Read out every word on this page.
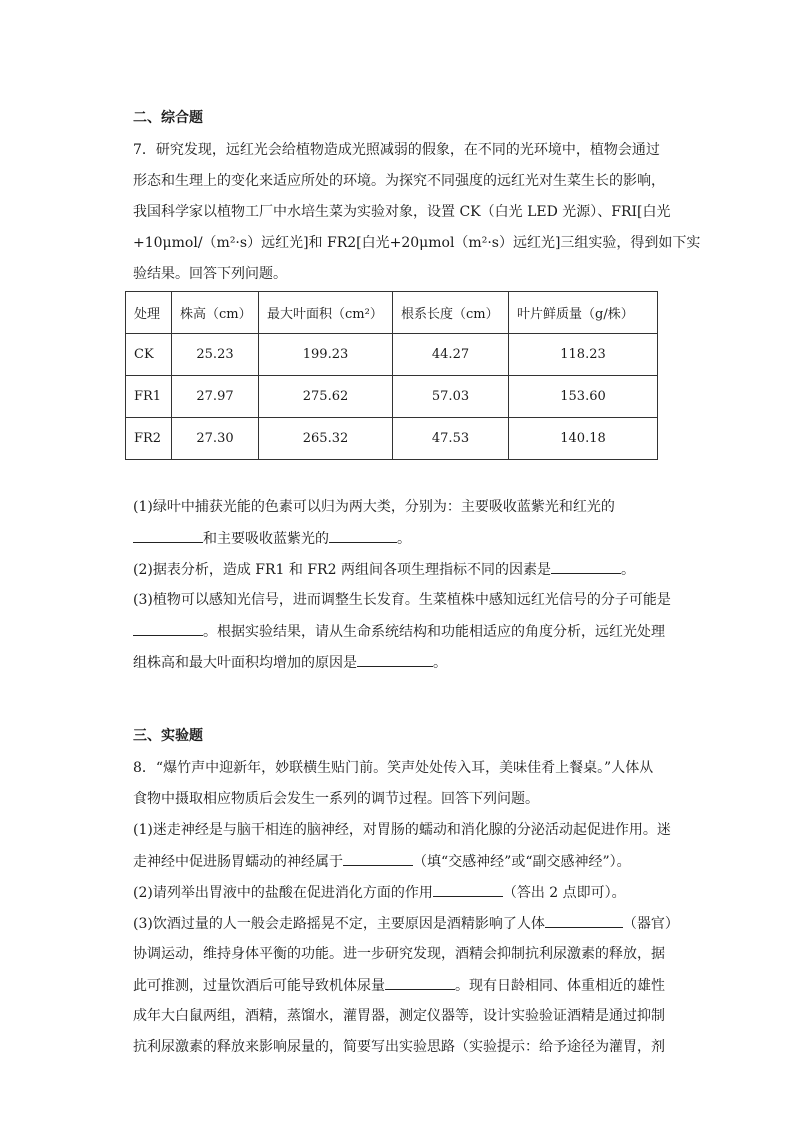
二、综合题
7．研究发现，远红光会给植物造成光照减弱的假象，在不同的光环境中，植物会通过
形态和生理上的变化来适应所处的环境。为探究不同强度的远红光对生菜生长的影响，
我国科学家以植物工厂中水培生菜为实验对象，设置 CK（白光 LED 光源）、FRI[白光
+10μmol/（m²·s）远红光]和 FR2[白光+20μmol（m²·s）远红光]三组实验，得到如下实
验结果。回答下列问题。
处理	株高（cm）	最大叶面积（cm²）	根系长度（cm）	叶片鲜质量（g/株）
CK	25.23	199.23	44.27	118.23
FR1	27.97	275.62	57.03	153.60
FR2	27.30	265.32	47.53	140.18
(1)绿叶中捕获光能的色素可以归为两大类，分别为：主要吸收蓝紫光和红光的
和主要吸收蓝紫光的	。
(2)据表分析，造成 FR1 和 FR2 两组间各项生理指标不同的因素是	。
(3)植物可以感知光信号，进而调整生长发育。生菜植株中感知远红光信号的分子可能是
。根据实验结果，请从生命系统结构和功能相适应的角度分析，远红光处理
组株高和最大叶面积均增加的原因是	。
三、实验题
8．“爆竹声中迎新年，妙联横生贴门前。笑声处处传入耳，美味佳肴上餐桌。”人体从
食物中摄取相应物质后会发生一系列的调节过程。回答下列问题。
(1)迷走神经是与脑干相连的脑神经，对胃肠的蠕动和消化腺的分泌活动起促进作用。迷
走神经中促进肠胃蠕动的神经属于	（填“交感神经”或“副交感神经”）。
(2)请列举出胃液中的盐酸在促进消化方面的作用	（答出 2 点即可）。
(3)饮酒过量的人一般会走路摇晃不定，主要原因是酒精影响了人体	（器官）
协调运动，维持身体平衡的功能。进一步研究发现，酒精会抑制抗利尿激素的释放，据
此可推测，过量饮酒后可能导致机体尿量	。现有日龄相同、体重相近的雄性
成年大白鼠两组，酒精，蒸馏水，灌胃器，测定仪器等，设计实验验证酒精是通过抑制
抗利尿激素的释放来影响尿量的，简要写出实验思路（实验提示：给予途径为灌胃，剂
